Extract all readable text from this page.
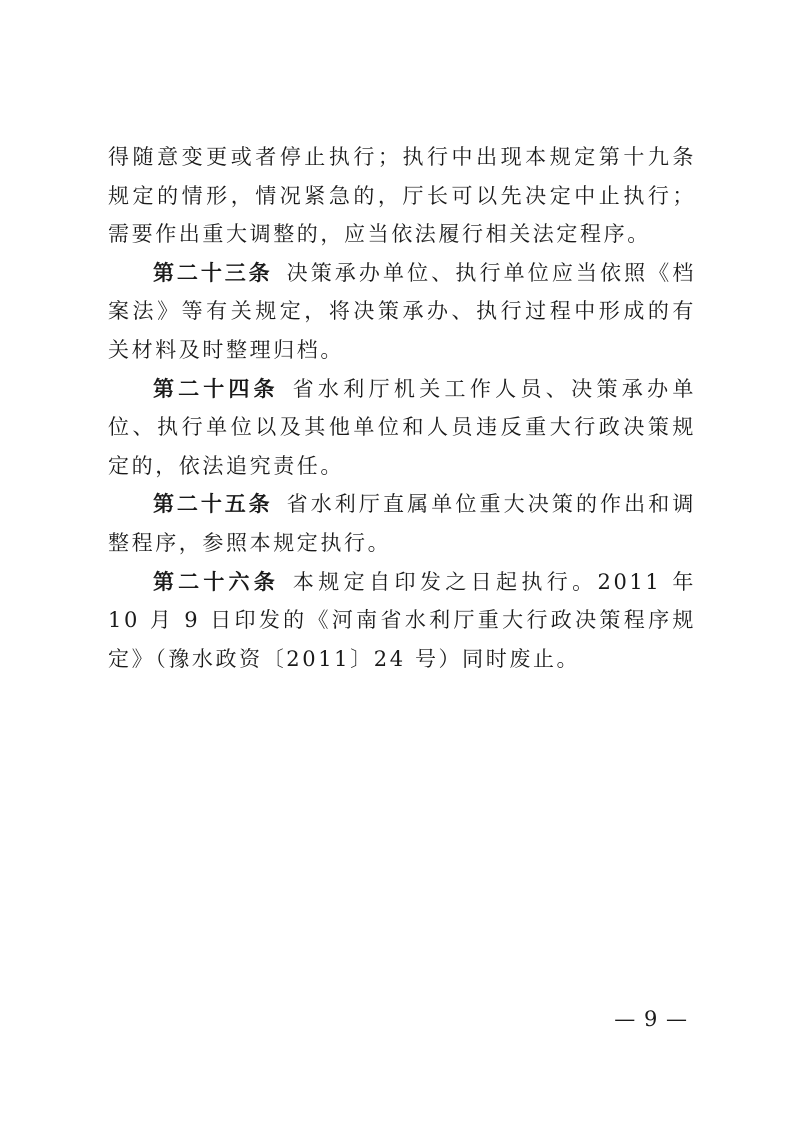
得随意变更或者停止执行；执行中出现本规定第十九条规定的情形，情况紧急的，厅长可以先决定中止执行；需要作出重大调整的，应当依法履行相关法定程序。

第二十三条 决策承办单位、执行单位应当依照《档案法》等有关规定，将决策承办、执行过程中形成的有关材料及时整理归档。

第二十四条 省水利厅机关工作人员、决策承办单位、执行单位以及其他单位和人员违反重大行政决策规定的，依法追究责任。

第二十五条 省水利厅直属单位重大决策的作出和调整程序，参照本规定执行。

第二十六条 本规定自印发之日起执行。2011 年 10 月 9 日印发的《河南省水利厅重大行政决策程序规定》（豫水政资〔2011〕24 号）同时废止。

— 9 —
